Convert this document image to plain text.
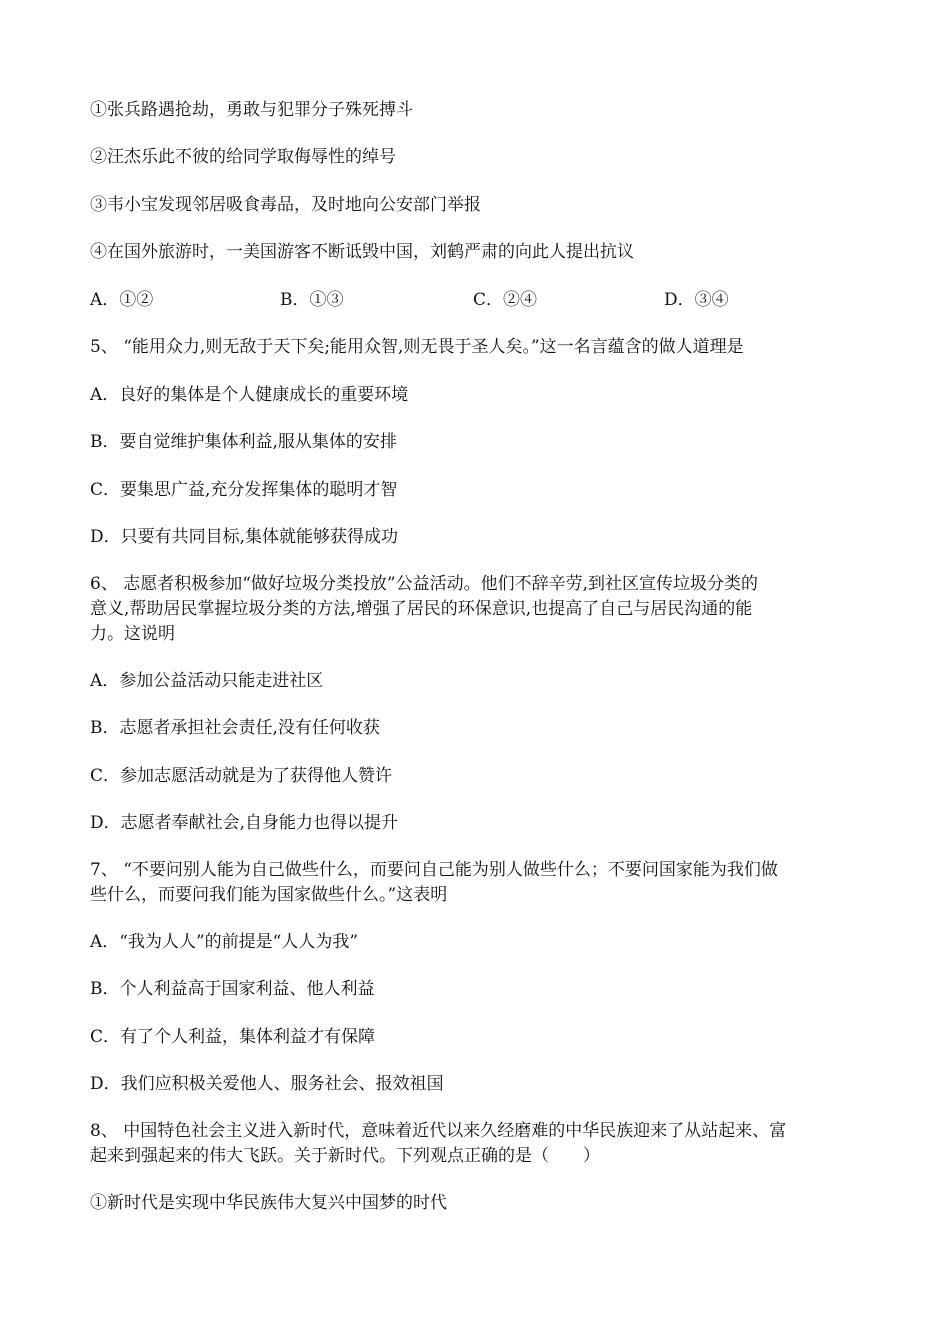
①张兵路遇抢劫，勇敢与犯罪分子殊死搏斗
②汪杰乐此不彼的给同学取侮辱性的绰号
③韦小宝发现邻居吸食毒品，及时地向公安部门举报
④在国外旅游时，一美国游客不断诋毁中国，刘鹤严肃的向此人提出抗议
A．①②	B．①③	C．②④	D．③④
5、 “能用众力,则无敌于天下矣;能用众智,则无畏于圣人矣。”这一名言蕴含的做人道理是
A．良好的集体是个人健康成长的重要环境
B．要自觉维护集体利益,服从集体的安排
C．要集思广益,充分发挥集体的聪明才智
D．只要有共同目标,集体就能够获得成功
6、 志愿者积极参加“做好垃圾分类投放”公益活动。他们不辞辛劳,到社区宣传垃圾分类的
意义,帮助居民掌握垃圾分类的方法,增强了居民的环保意识,也提高了自己与居民沟通的能
力。这说明
A．参加公益活动只能走进社区
B．志愿者承担社会责任,没有任何收获
C．参加志愿活动就是为了获得他人赞许
D．志愿者奉献社会,自身能力也得以提升
7、 “不要问别人能为自己做些什么，而要问自己能为别人做些什么；不要问国家能为我们做
些什么，而要问我们能为国家做些什么。”这表明
A．“我为人人”的前提是“人人为我”
B．个人利益高于国家利益、他人利益
C．有了个人利益，集体利益才有保障
D．我们应积极关爱他人、服务社会、报效祖国
8、 中国特色社会主义进入新时代，意味着近代以来久经磨难的中华民族迎来了从站起来、富
起来到强起来的伟大飞跃。关于新时代。下列观点正确的是（　　）
①新时代是实现中华民族伟大复兴中国梦的时代
